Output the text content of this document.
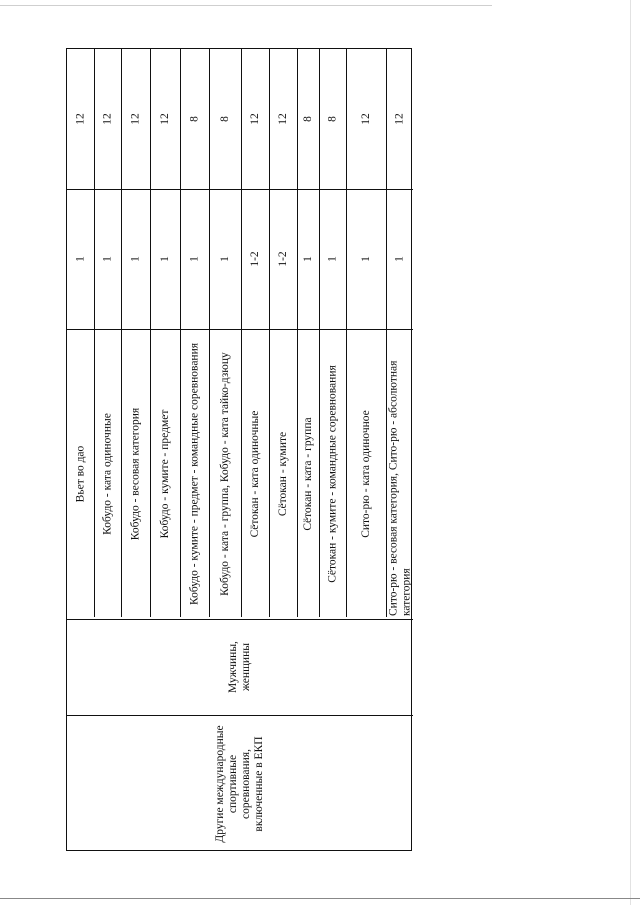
Другие международные спортивные соревнования, включенные в ЕКП
Мужчины, женщины
Вьет во дао
1
12
Кобудо - ката одиночные
1
12
Кобудо - весовая категория
1
12
Кобудо - кумите - предмет
1
12
Кобудо - кумите - предмет - командные соревнования
1
8
Кобудо - ката - группа, Кобудо - ката тайко-дзюцу
1
8
Сётокан - ката одиночные
1-2
12
Сётокан - кумите
1-2
12
Сётокан - ката - группа
1
8
Сётокан - кумите - командные соревнования
1
8
Сито-рю - ката одиночное
1
12
Сито-рю - весовая категория, Сито-рю - абсолютная категория
1
12
